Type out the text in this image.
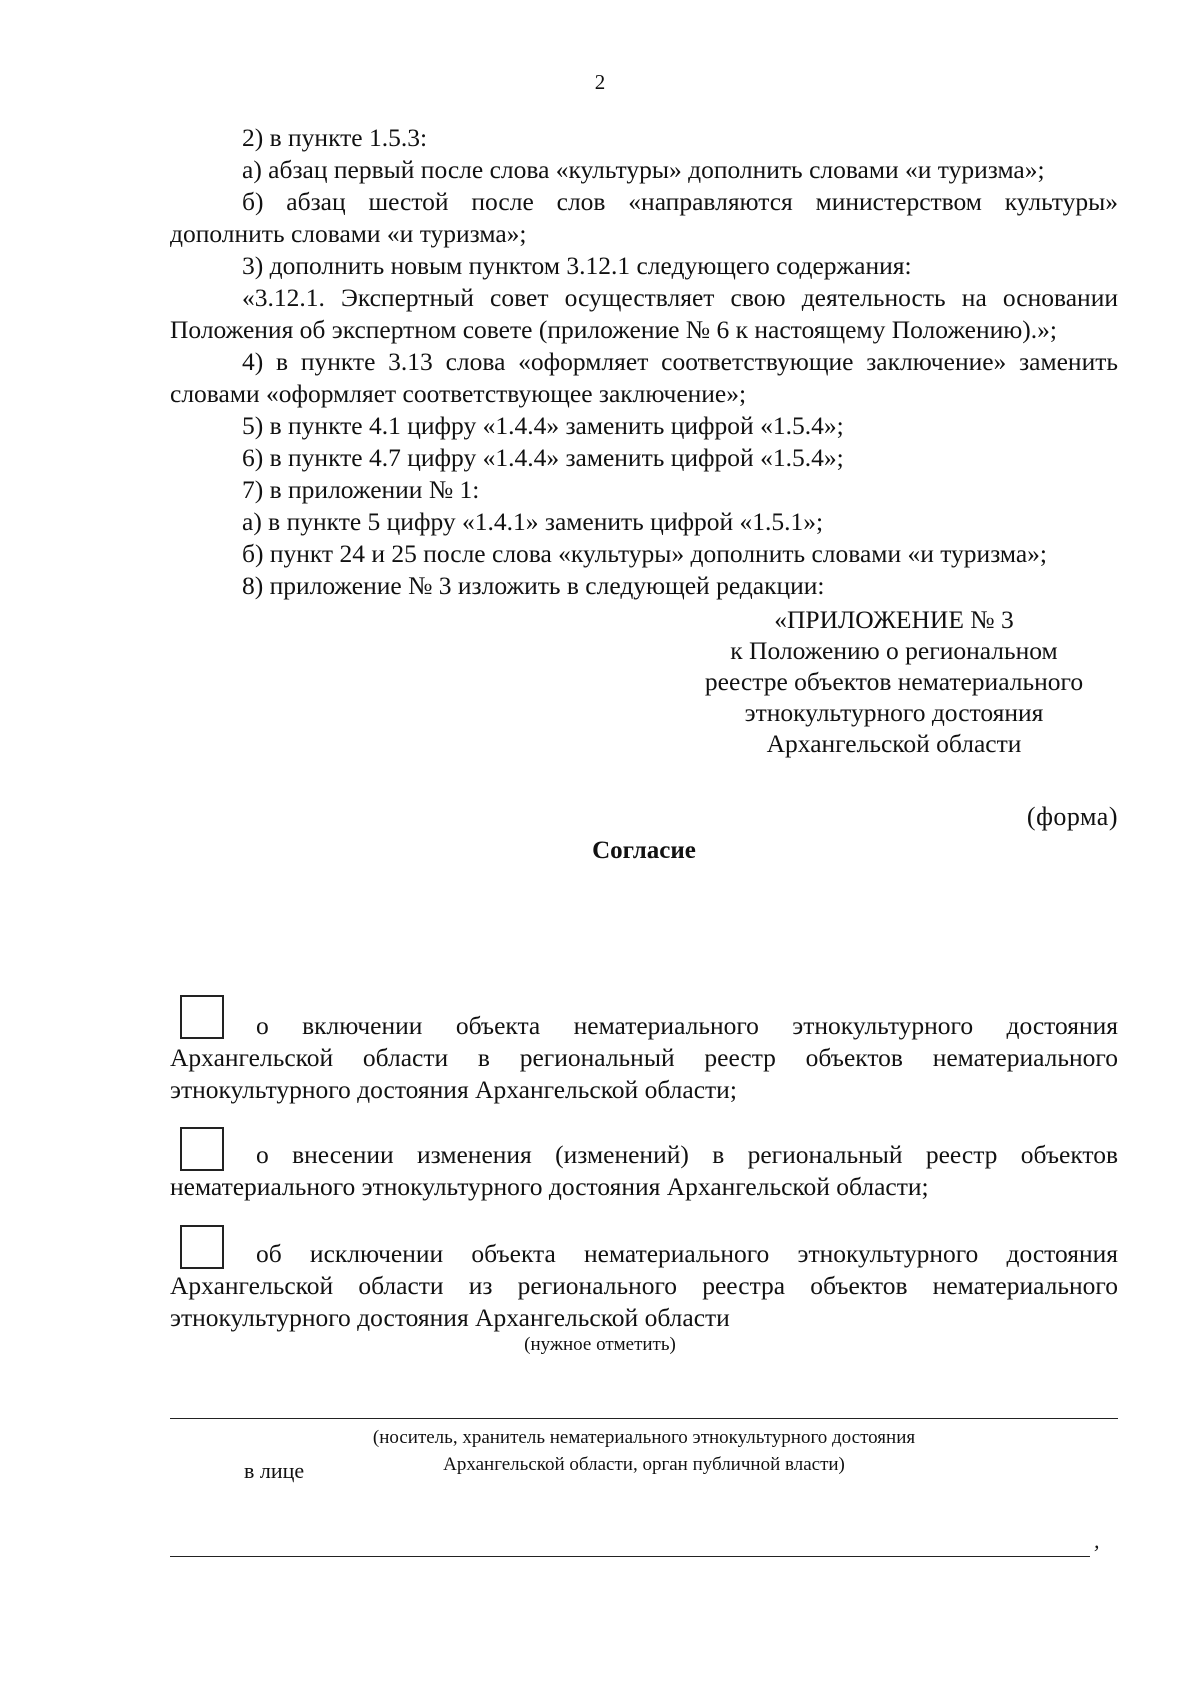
2

2) в пункте 1.5.3:

а) абзац первый после слова «культуры» дополнить словами «и туризма»;

б) абзац шестой после слов «направляются министерством культуры» дополнить словами «и туризма»;

3) дополнить новым пунктом 3.12.1 следующего содержания:

«3.12.1. Экспертный совет осуществляет свою деятельность на основании Положения об экспертном совете (приложение № 6 к настоящему Положению).»;

4) в пункте 3.13 слова «оформляет соответствующие заключение» заменить словами «оформляет соответствующее заключение»;

5) в пункте 4.1 цифру «1.4.4» заменить цифрой «1.5.4»;

6) в пункте 4.7 цифру «1.4.4» заменить цифрой «1.5.4»;

7) в приложении № 1:

а) в пункте 5 цифру «1.4.1» заменить цифрой «1.5.1»;

б) пункт 24 и 25 после слова «культуры» дополнить словами «и туризма»;

8) приложение № 3 изложить в следующей редакции:

«ПРИЛОЖЕНИЕ № 3
к Положению о региональном
реестре объектов нематериального
этнокультурного достояния
Архангельской области
(форма)
Согласие

о включении объекта нематериального этнокультурного достояния Архангельской области в региональный реестр объектов нематериального этнокультурного достояния Архангельской области;

о внесении изменения (изменений) в региональный реестр объектов нематериального этнокультурного достояния Архангельской области;

об исключении объекта нематериального этнокультурного достояния Архангельской области из регионального реестра объектов нематериального этнокультурного достояния Архангельской области

(нужное отметить)
(носитель, хранитель нематериального этнокультурного достояния
Архангельской области, орган публичной власти)
в лице
,
